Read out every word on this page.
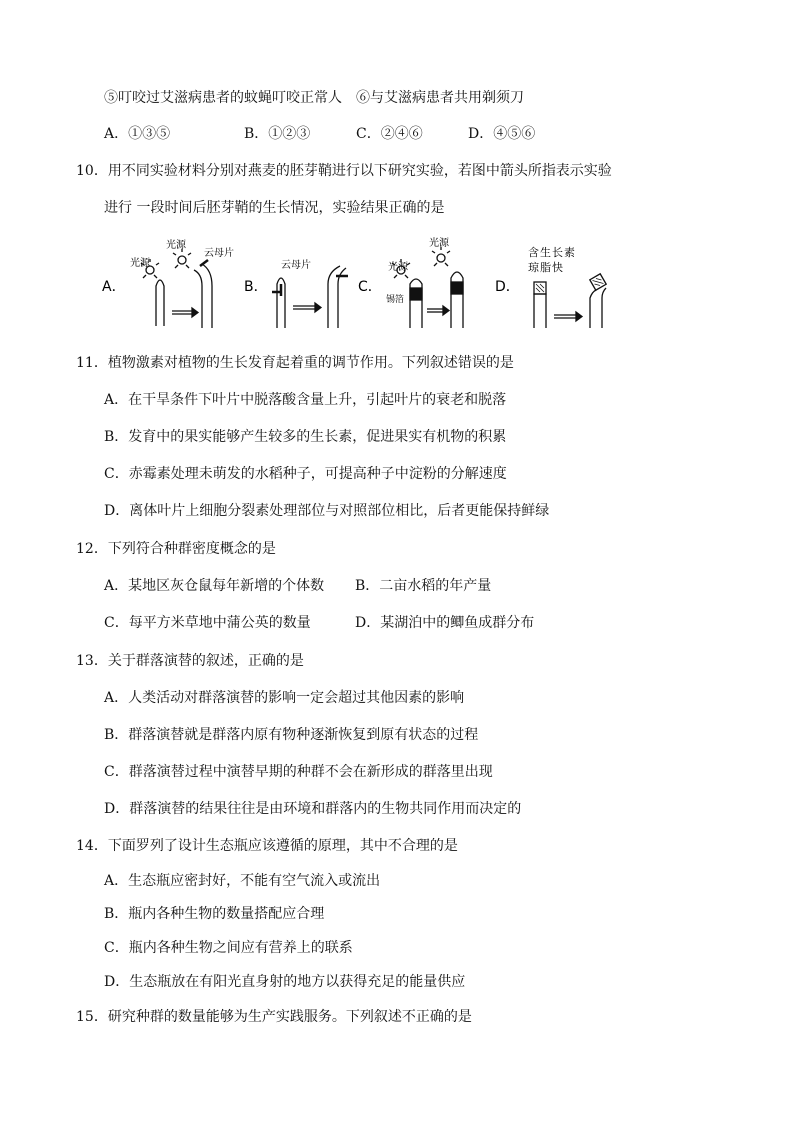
⑤叮咬过艾滋病患者的蚊蝇叮咬正常人　⑥与艾滋病患者共用剃须刀
A．①③⑤	B．①②③	C．②④⑥	D．④⑤⑥
10．用不同实验材料分别对燕麦的胚芽鞘进行以下研究实验，若图中箭头所指表示实验
进行 一段时间后胚芽鞘的生长情况，实验结果正确的是
A．	B．	C．	D．
光源
光源
云母片
云母片	光源
光源
锡箔
含生长素
琼脂快
11．植物激素对植物的生长发育起着重的调节作用。下列叙述错误的是
A．在干旱条件下叶片中脱落酸含量上升，引起叶片的衰老和脱落
B．发育中的果实能够产生较多的生长素，促进果实有机物的积累
C．赤霉素处理未萌发的水稻种子，可提高种子中淀粉的分解速度
D．离体叶片上细胞分裂素处理部位与对照部位相比，后者更能保持鲜绿
12．下列符合种群密度概念的是
A．某地区灰仓鼠每年新增的个体数 B．二亩水稻的年产量
C．每平方米草地中蒲公英的数量	D．某湖泊中的鲫鱼成群分布
13．关于群落演替的叙述，正确的是
A．人类活动对群落演替的影响一定会超过其他因素的影响
B．群落演替就是群落内原有物种逐渐恢复到原有状态的过程
C．群落演替过程中演替早期的种群不会在新形成的群落里出现
D．群落演替的结果往往是由环境和群落内的生物共同作用而决定的
14．下面罗列了设计生态瓶应该遵循的原理，其中不合理的是
A．生态瓶应密封好，不能有空气流入或流出
B．瓶内各种生物的数量搭配应合理
C．瓶内各种生物之间应有营养上的联系
D．生态瓶放在有阳光直身射的地方以获得充足的能量供应
15．研究种群的数量能够为生产实践服务。下列叙述不正确的是
